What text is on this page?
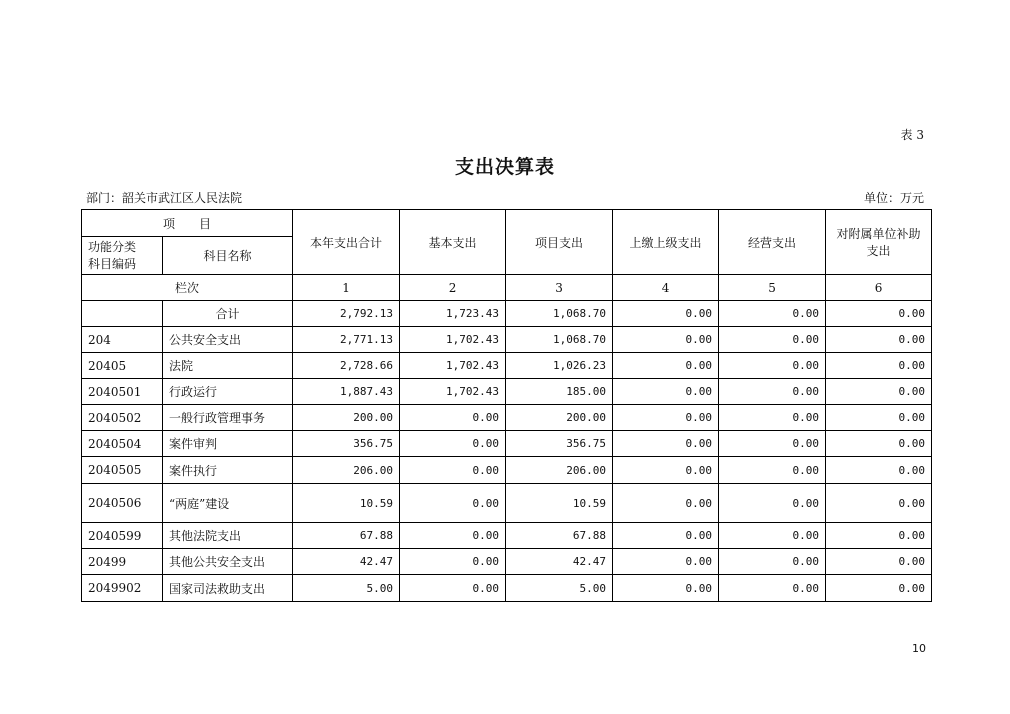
表 3
支出决算表
部门：韶关市武江区人民法院	单位：万元
项　　目		本年支出合计	基本支出	项目支出	上缴上级支出	经营支出	对附属单位补助支出
功能分类
科目编码	科目名称						
栏次		1	2	3	4	5	6
	合计	2,792.13	1,723.43	1,068.70	0.00	0.00	0.00
204	公共安全支出	2,771.13	1,702.43	1,068.70	0.00	0.00	0.00
20405	法院	2,728.66	1,702.43	1,026.23	0.00	0.00	0.00
2040501	行政运行	1,887.43	1,702.43	185.00	0.00	0.00	0.00
2040502	一般行政管理事务	200.00	0.00	200.00	0.00	0.00	0.00
2040504	案件审判	356.75	0.00	356.75	0.00	0.00	0.00
2040505	案件执行	206.00	0.00	206.00	0.00	0.00	0.00
2040506	“两庭”建设	10.59	0.00	10.59	0.00	0.00	0.00
2040599	其他法院支出	67.88	0.00	67.88	0.00	0.00	0.00
20499	其他公共安全支出	42.47	0.00	42.47	0.00	0.00	0.00
2049902	国家司法救助支出	5.00	0.00	5.00	0.00	0.00	0.00
10
